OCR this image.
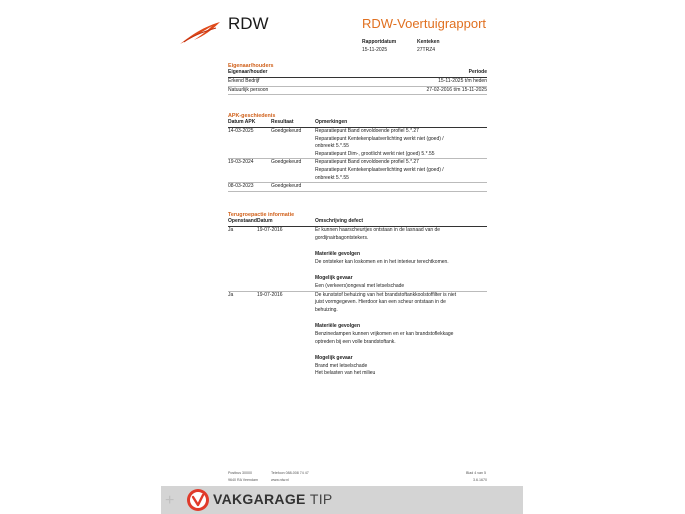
RDW	RDW-Voertuigrapport
Rapportdatum
15-11-2025
Kenteken
27TRZ4
Eigenaar/houders
Eigenaar/houder	Periode
Erkend Bedrijf	15-11-2025 t/m heden
Natuurlijk persoon	27-02-2016 t/m 15-11-2025
APK-geschiedenis
Datum APK	Resultaat	Opmerkingen
14-03-2025	Goedgekeurd	Reparatiepunt Band onvoldoende profiel 5.*.27
Reparatiepunt Kentekenplaatverlichting werkt niet (goed) /
onbreekt 5.*.55
Reparatiepunt Dim-, grootlicht werkt niet (goed) 5.*.55
19-03-2024	Goedgekeurd	Reparatiepunt Band onvoldoende profiel 5.*.27
Reparatiepunt Kentekenplaatverlichting werkt niet (goed) /
onbreekt 5.*.55
08-03-2023	Goedgekeurd
Terugroepactie informatie
Openstaand Datum	Omschrijving defect
Ja	19-07-2016	Er kunnen haarscheurtjes ontstaan in de lasnaad van de
gordijnairbagontstekers.
Materiële gevolgen
De ontsteker kan loskomen en in het interieur terechtkomen.
Mogelijk gevaar
Een (verkeers)ongeval met letselschade
Ja	19-07-2016	De kunststof behuizing van het brandstoftankkoolstoffilter is niet
juist vormgegeven. Hierdoor kan een scheur ontstaan in de
behuizing.
Materiële gevolgen
Benzinedampen kunnen vrijkomen en er kan brandstoflekkage
optreden bij een volle brandstoftank.
Mogelijk gevaar
Brand met letselschade
Het belasten van het milieu
Postbus 30000
9640 RA Veendam
Telefoon 088-008 74 47
www.rdw.nl
Blad 4 van 5
3.6.1670
+	VAKGARAGE TIP
